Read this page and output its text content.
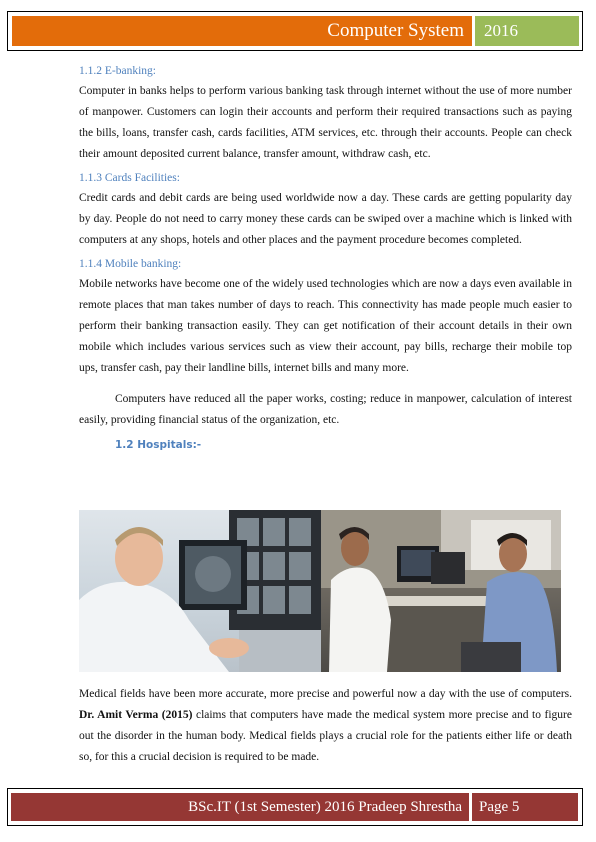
Computer System 2016
1.1.2 E-banking:

Computer in banks helps to perform various banking task through internet without the use of more number of manpower. Customers can login their accounts and perform their required transactions such as paying the bills, loans, transfer cash, cards facilities, ATM services, etc. through their accounts. People can check their amount deposited current balance, transfer amount, withdraw cash, etc.

1.1.3 Cards Facilities:

Credit cards and debit cards are being used worldwide now a day. These cards are getting popularity day by day. People do not need to carry money these cards can be swiped over a machine which is linked with computers at any shops, hotels and other places and the payment procedure becomes completed.

1.1.4 Mobile banking:

Mobile networks have become one of the widely used technologies which are now a days even available in remote places that man takes number of days to reach. This connectivity has made people much easier to perform their banking transaction easily. They can get notification of their account details in their own mobile which includes various services such as view their account, pay bills, recharge their mobile top ups, transfer cash, pay their landline bills, internet bills and many more.

Computers have reduced all the paper works, costing; reduce in manpower, calculation of interest easily, providing financial status of the organization, etc.

1.2 Hospitals:-

Medical fields have been more accurate, more precise and powerful now a day with the use of computers. Dr. Amit Verma (2015) claims that computers have made the medical system more precise and to figure out the disorder in the human body. Medical fields plays a crucial role for the patients either life or death so, for this a crucial decision is required to be made.

BSc.IT (1st Semester) 2016 Pradeep Shrestha Page 5
